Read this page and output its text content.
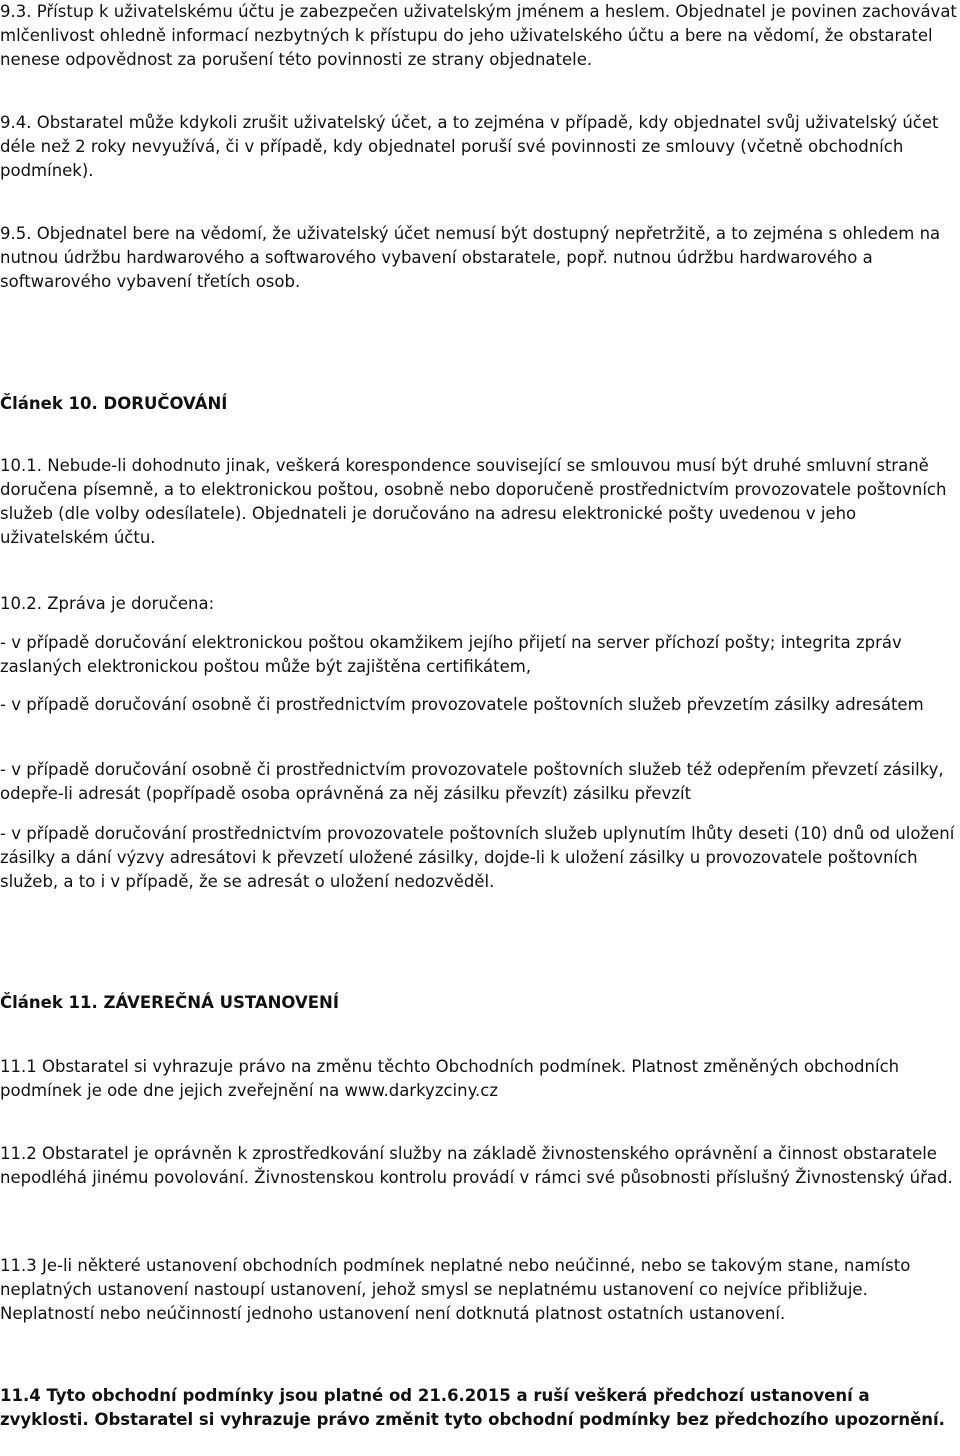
9.3. Přístup k uživatelskému účtu je zabezpečen uživatelským jménem a heslem. Objednatel je povinen zachovávat mlčenlivost ohledně informací nezbytných k přístupu do jeho uživatelského účtu a bere na vědomí, že obstaratel nenese odpovědnost za porušení této povinnosti ze strany objednatele.

9.4. Obstaratel může kdykoli zrušit uživatelský účet, a to zejména v případě, kdy objednatel svůj uživatelský účet déle než 2 roky nevyužívá, či v případě, kdy objednatel poruší své povinnosti ze smlouvy (včetně obchodních podmínek).

9.5. Objednatel bere na vědomí, že uživatelský účet nemusí být dostupný nepřetržitě, a to zejména s ohledem na nutnou údržbu hardwarového a softwarového vybavení obstaratele, popř. nutnou údržbu hardwarového a softwarového vybavení třetích osob.

Článek 10. DORUČOVÁNÍ

10.1. Nebude-li dohodnuto jinak, veškerá korespondence související se smlouvou musí být druhé smluvní straně doručena písemně, a to elektronickou poštou, osobně nebo doporučeně prostřednictvím provozovatele poštovních služeb (dle volby odesílatele). Objednateli je doručováno na adresu elektronické pošty uvedenou v jeho uživatelském účtu.

10.2. Zpráva je doručena:

- v případě doručování elektronickou poštou okamžikem jejího přijetí na server příchozí pošty; integrita zpráv zaslaných elektronickou poštou může být zajištěna certifikátem,

- v případě doručování osobně či prostřednictvím provozovatele poštovních služeb převzetím zásilky adresátem

- v případě doručování osobně či prostřednictvím provozovatele poštovních služeb též odepřením převzetí zásilky, odepře-li adresát (popřípadě osoba oprávněná za něj zásilku převzít) zásilku převzít

- v případě doručování prostřednictvím provozovatele poštovních služeb uplynutím lhůty deseti (10) dnů od uložení zásilky a dání výzvy adresátovi k převzetí uložené zásilky, dojde-li k uložení zásilky u provozovatele poštovních služeb, a to i v případě, že se adresát o uložení nedozvěděl.

Článek 11. ZÁVEREČNÁ USTANOVENÍ

11.1 Obstaratel si vyhrazuje právo na změnu těchto Obchodních podmínek. Platnost změněných obchodních podmínek je ode dne jejich zveřejnění na www.darkyzciny.cz

11.2 Obstaratel je oprávněn k zprostředkování služby na základě živnostenského oprávnění a činnost obstaratele nepodléhá jinému povolování. Živnostenskou kontrolu provádí v rámci své působnosti příslušný Živnostenský úřad.

11.3 Je-li některé ustanovení obchodních podmínek neplatné nebo neúčinné, nebo se takovým stane, namísto neplatných ustanovení nastoupí ustanovení, jehož smysl se neplatnému ustanovení co nejvíce přibližuje. Neplatností nebo neúčinností jednoho ustanovení není dotknutá platnost ostatních ustanovení.

11.4 Tyto obchodní podmínky jsou platné od 21.6.2015 a ruší veškerá předchozí ustanovení a zvyklosti. Obstaratel si vyhrazuje právo změnit tyto obchodní podmínky bez předchozího upozornění.
